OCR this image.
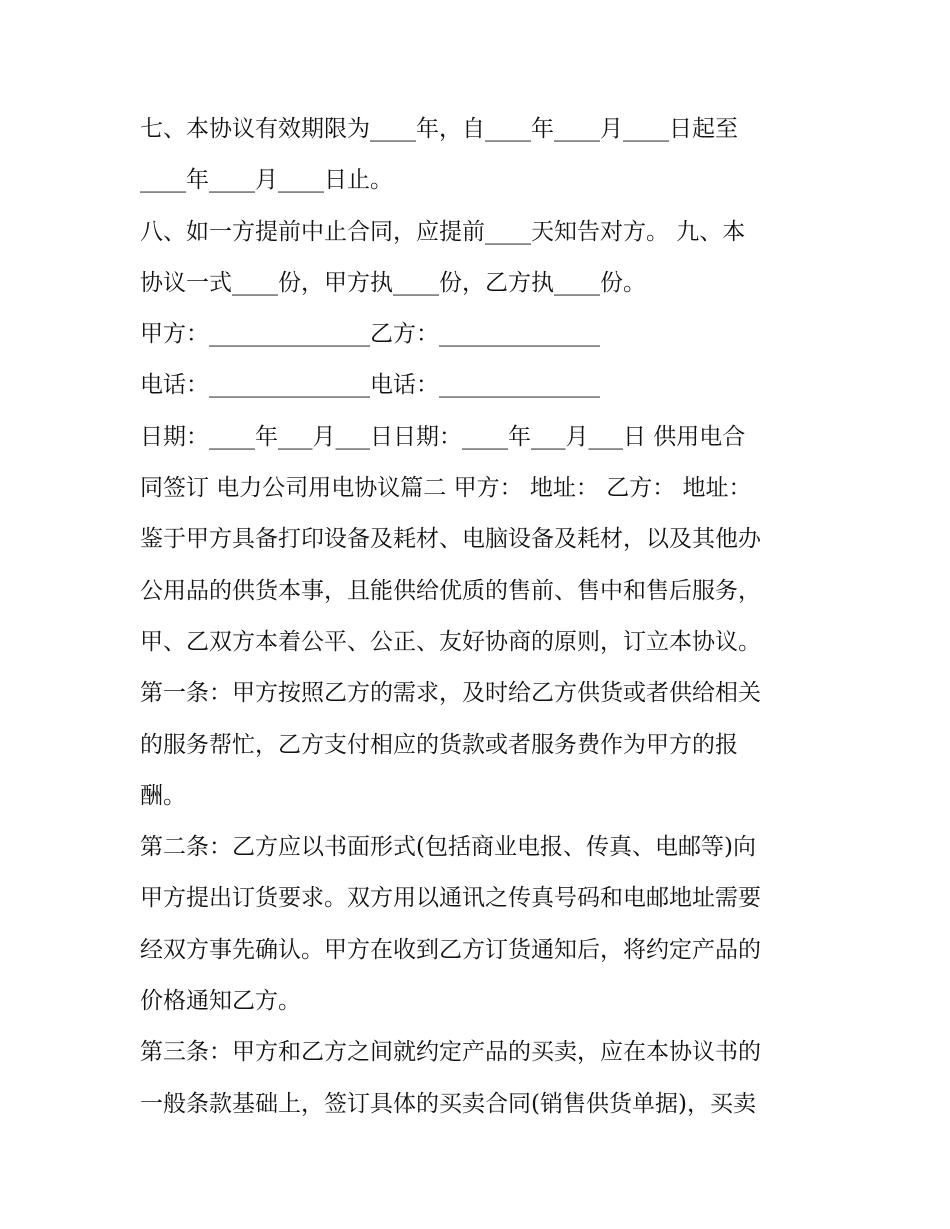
七、本协议有效期限为____年，自____年____月____日起至
____年____月____日止。
八、如一方提前中止合同，应提前____天知告对方。 九、本
协议一式____份，甲方执____份，乙方执____份。
甲方：______________乙方：______________
电话：______________电话：______________
日期：____年___月___日日期：____年___月___日 供用电合
同签订 电力公司用电协议篇二 甲方： 地址： 乙方： 地址：
鉴于甲方具备打印设备及耗材、电脑设备及耗材，以及其他办
公用品的供货本事，且能供给优质的售前、售中和售后服务，
甲、乙双方本着公平、公正、友好协商的原则，订立本协议。
第一条：甲方按照乙方的需求，及时给乙方供货或者供给相关
的服务帮忙，乙方支付相应的货款或者服务费作为甲方的报
酬。
第二条：乙方应以书面形式(包括商业电报、传真、电邮等)向
甲方提出订货要求。双方用以通讯之传真号码和电邮地址需要
经双方事先确认。甲方在收到乙方订货通知后，将约定产品的
价格通知乙方。
第三条：甲方和乙方之间就约定产品的买卖，应在本协议书的
一般条款基础上，签订具体的买卖合同(销售供货单据)，买卖
